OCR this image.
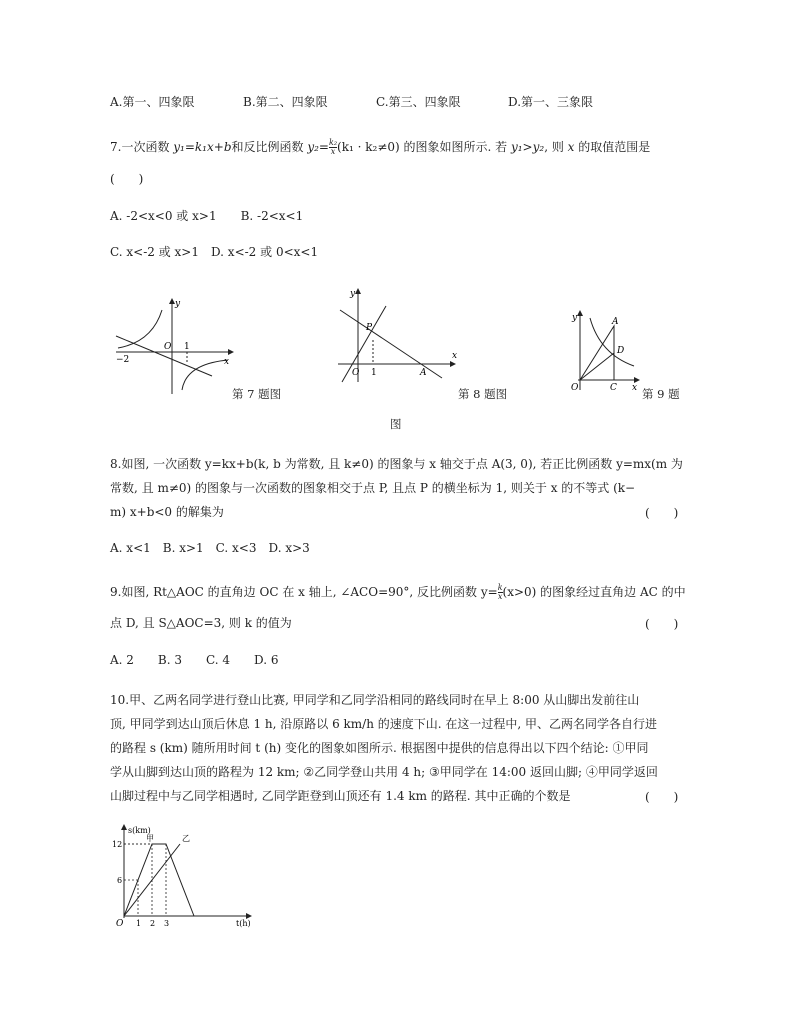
A.第一、四象限	B.第二、四象限	C.第三、四象限	D.第一、三象限
7.一次函数 y₁=k₁x+b和反比例函数 $y_2= \frac{\text{k₂}}{x} (k_1 \cdot k_2\ne 0)$ 的图象如图所示. 若 y₁>y₂, 则 x 的取值范围是
(　　)
A. -2<x<0 或 x>1　　B. -2<x<1
C. x<-2 或 x>1　D. x<-2 或 0<x<1
y
x
O 1
−2
第 7 题图
y
x
O 1
P
A
第 8 题图
y
x
O
A
C
D
第 9 题
图
8.如图, 一次函数 y=kx+b(k, b 为常数, 且 k≠0) 的图象与 x 轴交于点 A(3, 0), 若正比例函数 y=mx(m 为
常数, 且 m≠0) 的图象与一次函数的图象相交于点 P, 且点 P 的横坐标为 1, 则关于 x 的不等式 (k−
m) x+b<0 的解集为	(　　)
A. x<1　B. x>1　C. x<3　D. x>3
9.如图, Rt△AOC 的直角边 OC 在 x 轴上, ∠ACO=90°, 反比例函数 $y= \frac{k}{x} (x>0)$ 的图象经过直角边 AC 的中
点 D, 且 S△AOC=3, 则 k 的值为	(　　)
A. 2　　B. 3　　C. 4　　D. 6
10.甲、乙两名同学进行登山比赛, 甲同学和乙同学沿相同的路线同时在早上 8:00 从山脚出发前往山
顶, 甲同学到达山顶后休息 1 h, 沿原路以 6 km/h 的速度下山. 在这一过程中, 甲、乙两名同学各自行进
的路程 s (km) 随所用时间 t (h) 变化的图象如图所示. 根据图中提供的信息得出以下四个结论: ①甲同
学从山脚到达山顶的路程为 12 km; ②乙同学登山共用 4 h; ③甲同学在 14:00 返回山脚; ④甲同学返回
山脚过程中与乙同学相遇时, 乙同学距登到山顶还有 1.4 km 的路程. 其中正确的个数是	(　　)
s(km)
t(h)
O
甲	乙
1 2 3
6
12
